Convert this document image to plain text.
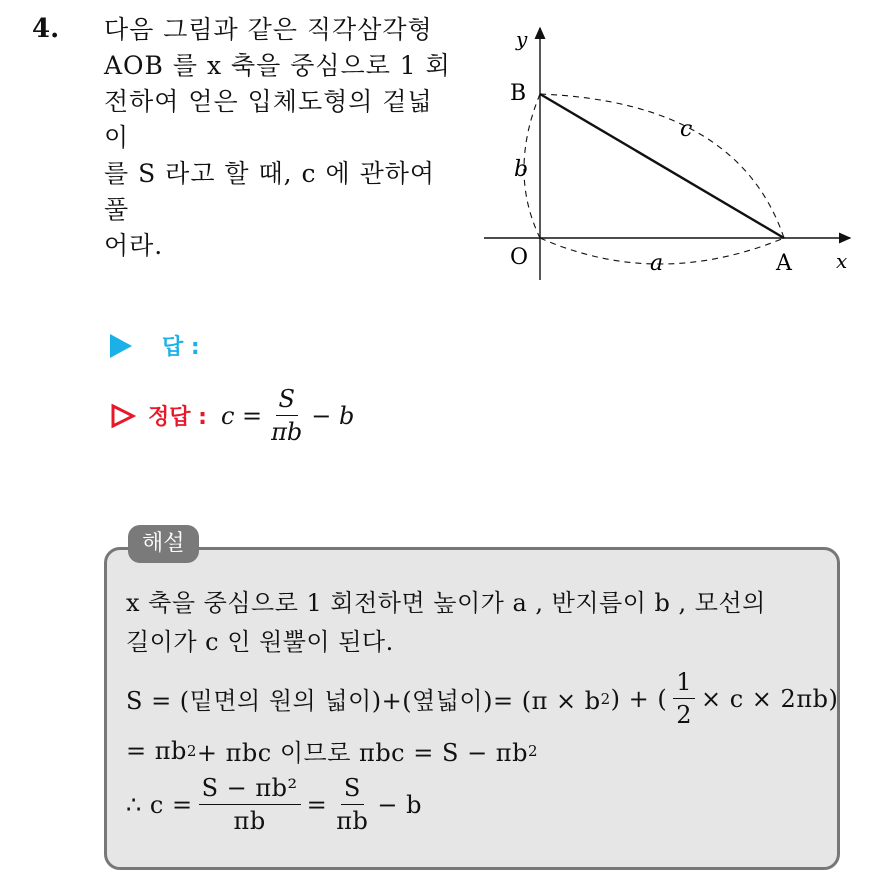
4. 다음 그림과 같은 직각삼각형

AOB 를 x 축을 중심으로 1 회

전하여 얻은 입체도형의 겉넓이

를 S 라고 할 때, c 에 관하여 풀

어라.

y
x
B
O	A
b
c
a
답 :
정답 : $c = \frac{S}{\pi b} - b$
해설
x 축을 중심으로 1 회전하면 높이가 a , 반지름이 b , 모선의
길이가 c 인 원뿔이 된다.
S = (밑면의 원의 넓이)+(옆넓이)= (π × b 2 ) + ( $\frac{1}{2} \times c \times 2\pi b$)
= πb 2 + πbc 이므로 πbc = S − πb 2
∴ $c = \frac{\text{S − πb²}}{\pi b} = \frac{S}{\pi b} - b$
